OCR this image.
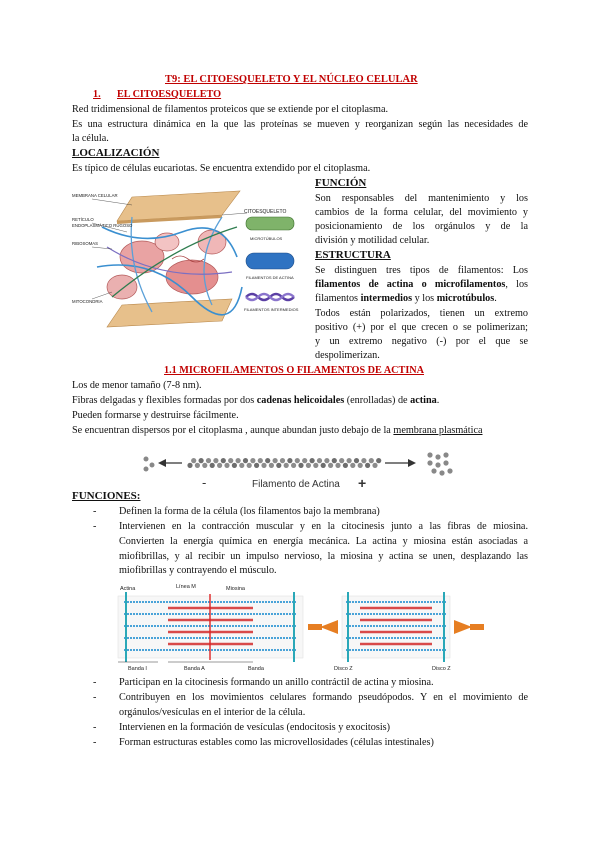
T9: EL CITOESQUELETO Y EL NÚCLEO CELULAR
1. EL CITOESQUELETO
Red tridimensional de filamentos proteicos que se extiende por el citoplasma.
Es una estructura dinámica en la que las proteínas se mueven y reorganizan según las necesidades de
la célula.
LOCALIZACIÓN
Es típico de células eucariotas. Se encuentra extendido por el citoplasma.
MEMBRANA CELULAR
RETÍCULO
ENDOPLASMÁTICO RUGOSO
RIBOSOMAS
MITOCONDRIA
CITOESQUELETO
MICROTÚBULOS
FILAMENTOS DE ACTINA
FILAMENTOS INTERMEDIOS
FUNCIÓN
Son responsables del mantenimiento y los
cambios de la forma celular, del movimiento y
posicionamiento de los orgánulos y de la
división y motilidad celular.
ESTRUCTURA
Se distinguen tres tipos de filamentos: Los
filamentos de actina o microfilamentos, los
filamentos intermedios y los microtúbulos.
Todos están polarizados, tienen un extremo
positivo (+) por el que crecen o se polimerizan;
y un extremo negativo (-) por el que se
despolimerizan.
1.1 MICROFILAMENTOS O FILAMENTOS DE ACTINA
Los de menor tamaño (7-8 nm).
Fibras delgadas y flexibles formadas por dos cadenas helicoidales (enrolladas) de actina.
Pueden formarse y destruirse fácilmente.
Se encuentran dispersos por el citoplasma , aunque abundan justo debajo de la membrana plasmática
-	Filamento de Actina +
FUNCIONES:
- Definen la forma de la célula (los filamentos bajo la membrana)
- Intervienen en la contracción muscular y en la citocinesis junto a las fibras de miosina.
Convierten la energía química en energía mecánica. La actina y miosina están asociadas a
miofibrillas, y al recibir un impulso nervioso, la miosina y actina se unen, desplazando las
miofibrillas y contrayendo el músculo.
Actina	Línea M	Miosina
Banda I	Banda A	Banda	Disco Z	Disco Z
- Participan en la citocinesis formando un anillo contráctil de actina y miosina.
- Contribuyen en los movimientos celulares formando pseudópodos. Y en el movimiento de
orgánulos/vesículas en el interior de la célula.
- Intervienen en la formación de vesículas (endocitosis y exocitosis)
- Forman estructuras estables como las microvellosidades (células intestinales)
